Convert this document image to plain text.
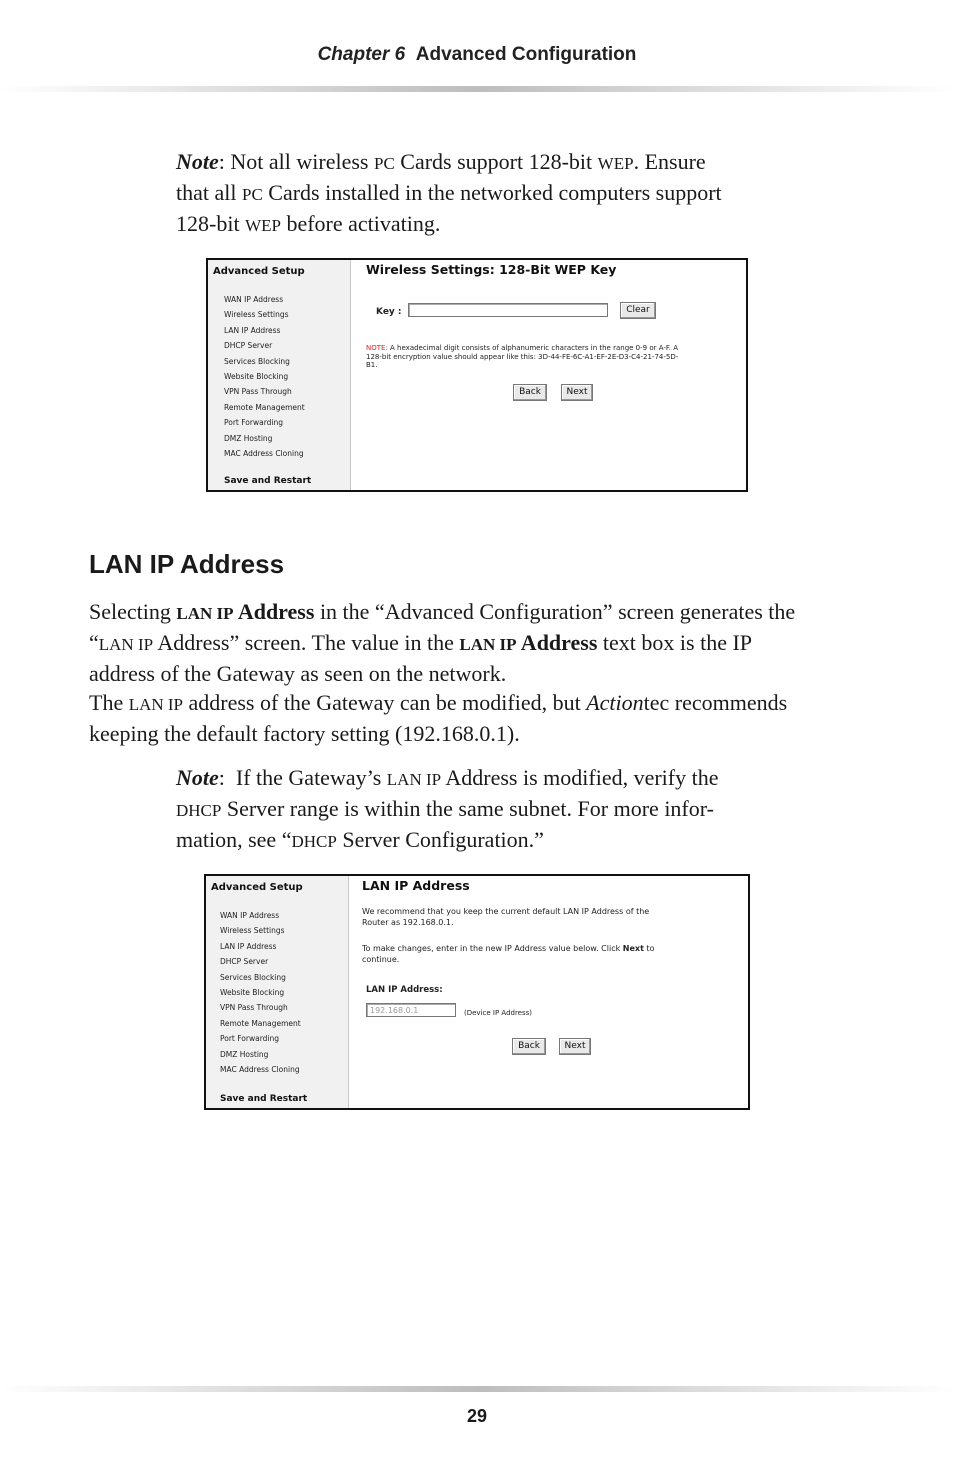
Chapter 6 Advanced Configuration
Note: Not all wireless PC Cards support 128-bit WEP. Ensure
that all PC Cards installed in the networked computers support
128-bit WEP before activating.
Advanced Setup
WAN IP Address
Wireless Settings
LAN IP Address
DHCP Server
Services Blocking
Website Blocking
VPN Pass Through
Remote Management
Port Forwarding
DMZ Hosting
MAC Address Cloning
Save and Restart
Wireless Settings: 128-Bit WEP Key
Key :	Clear
NOTE: A hexadecimal digit consists of alphanumeric characters in the range 0-9 or A-F. A
128-bit encryption value should appear like this: 3D-44-FE-6C-A1-EF-2E-D3-C4-21-74-5D-
B1.
Back	Next
LAN IP Address
Selecting LAN IP Address in the “Advanced Configuration” screen generates the
“LAN IP Address” screen. The value in the LAN IP Address text box is the IP
address of the Gateway as seen on the network.
The LAN IP address of the Gateway can be modified, but Actiontec recommends
keeping the default factory setting (192.168.0.1).
Note:  If the Gateway’s LAN IP Address is modified, verify the
DHCP Server range is within the same subnet. For more infor-
mation, see “DHCP Server Configuration.”
Advanced Setup
WAN IP Address
Wireless Settings
LAN IP Address
DHCP Server
Services Blocking
Website Blocking
VPN Pass Through
Remote Management
Port Forwarding
DMZ Hosting
MAC Address Cloning
Save and Restart
LAN IP Address
We recommend that you keep the current default LAN IP Address of the
Router as 192.168.0.1.
To make changes, enter in the new IP Address value below. Click Next to
continue.
LAN IP Address:
192.168.0.1	(Device IP Address)
Back	Next
29
